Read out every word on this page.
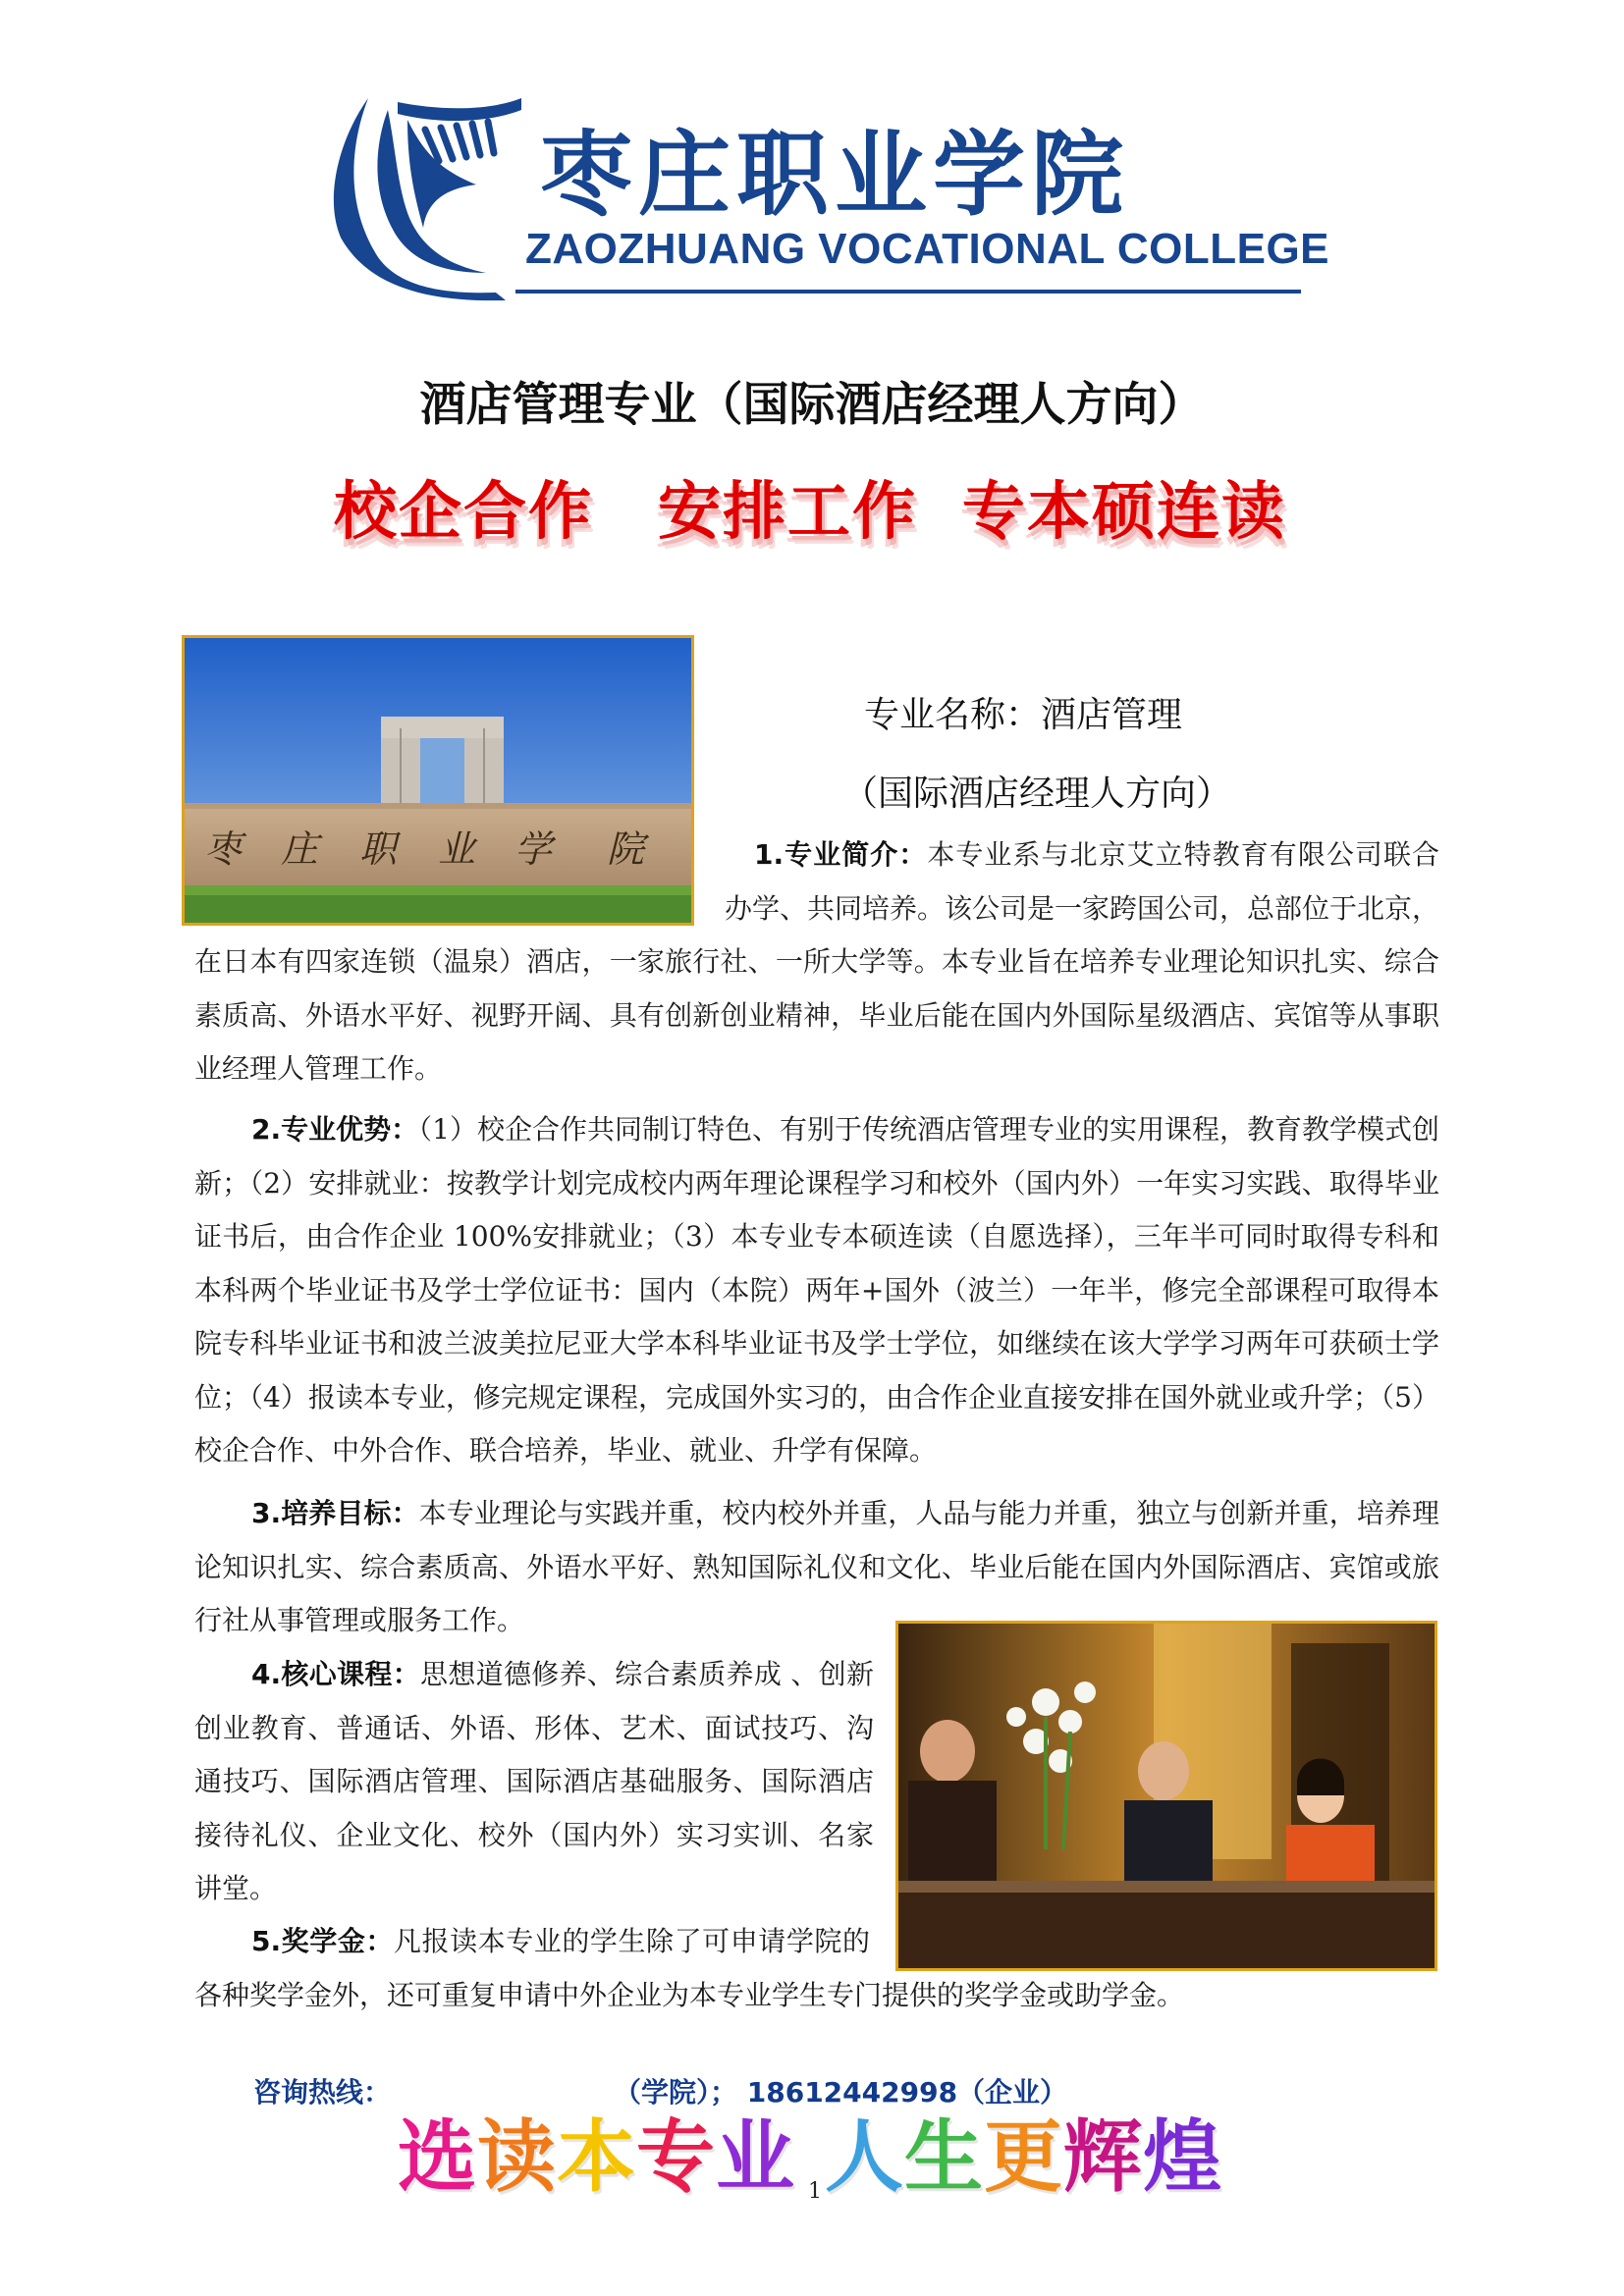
枣庄职业学院
ZAOZHUANG VOCATIONAL COLLEGE
酒店管理专业（国际酒店经理人方向）
校企合作 安排工作 专本硕连读
枣 庄 职 业 学 院
专业名称：酒店管理
（国际酒店经理人方向）

1.专业简介：本专业系与北京艾立特教育有限公司联合办学、共同培养。该公司是一家跨国公司，总部位于北京，在日本有四家连锁（温泉）酒店，一家旅行社、一所大学等。本专业旨在培养专业理论知识扎实、综合素质高、外语水平好、视野开阔、具有创新创业精神，毕业后能在国内外国际星级酒店、宾馆等从事职业经理人管理工作。

2.专业优势：（1）校企合作共同制订特色、有别于传统酒店管理专业的实用课程，教育教学模式创新；（2）安排就业：按教学计划完成校内两年理论课程学习和校外（国内外）一年实习实践、取得毕业证书后，由合作企业 100%安排就业；（3）本专业专本硕连读（自愿选择），三年半可同时取得专科和本科两个毕业证书及学士学位证书：国内（本院）两年+国外（波兰）一年半，修完全部课程可取得本院专科毕业证书和波兰波美拉尼亚大学本科毕业证书及学士学位，如继续在该大学学习两年可获硕士学位；（4）报读本专业，修完规定课程，完成国外实习的，由合作企业直接安排在国外就业或升学；（5）校企合作、中外合作、联合培养，毕业、就业、升学有保障。

3.培养目标：本专业理论与实践并重，校内校外并重，人品与能力并重，独立与创新并重，培养理论知识扎实、综合素质高、外语水平好、熟知国际礼仪和文化、毕业后能在国内外国际酒店、宾馆或旅行社从事管理或服务工作。

4.核心课程：思想道德修养、综合素质养成 、创新创业教育、普通话、外语、形体、艺术、面试技巧、沟通技巧、国际酒店管理、国际酒店基础服务、国际酒店接待礼仪、企业文化、校外（国内外）实习实训、名家讲堂。

5.奖学金：凡报读本专业的学生除了可申请学院的各种奖学金外，还可重复申请中外企业为本专业学生专门提供的奖学金或助学金。

咨询热线：	（学院）； 18612442998（企业）
选读本专业 人生更辉煌
1
